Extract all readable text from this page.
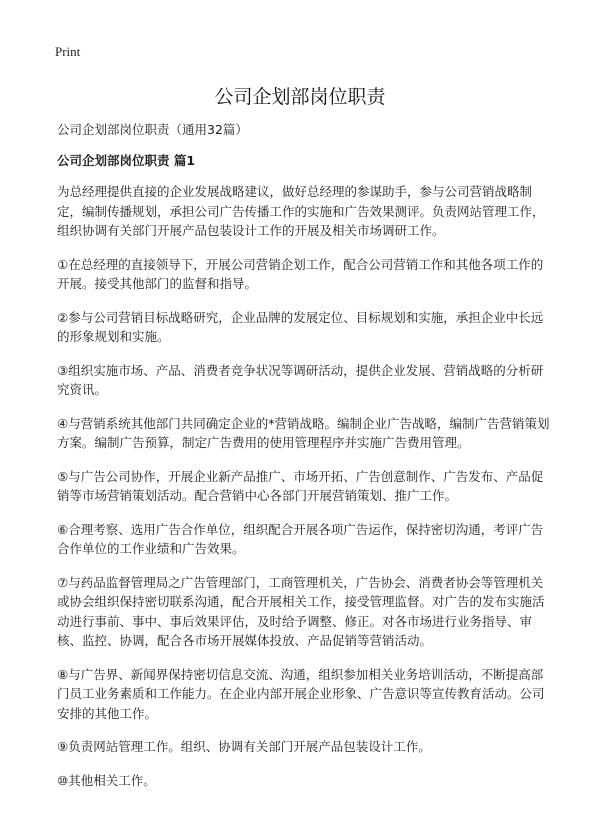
Print
公司企划部岗位职责
公司企划部岗位职责（通用32篇）
公司企划部岗位职责 篇1

为总经理提供直接的企业发展战略建议，做好总经理的参谋助手，参与公司营销战略制定，编制传播规划，承担公司广告传播工作的实施和广告效果测评。负责网站管理工作，组织协调有关部门开展产品包装设计工作的开展及相关市场调研工作。

①在总经理的直接领导下，开展公司营销企划工作，配合公司营销工作和其他各项工作的开展。接受其他部门的监督和指导。

②参与公司营销目标战略研究，企业品牌的发展定位、目标规划和实施，承担企业中长远的形象规划和实施。

③组织实施市场、产品、消费者竞争状况等调研活动，提供企业发展、营销战略的分析研究资讯。

④与营销系统其他部门共同确定企业的*营销战略。编制企业广告战略，编制广告营销策划方案。编制广告预算，制定广告费用的使用管理程序并实施广告费用管理。

⑤与广告公司协作，开展企业新产品推广、市场开拓、广告创意制作、广告发布、产品促销等市场营销策划活动。配合营销中心各部门开展营销策划、推广工作。

⑥合理考察、选用广告合作单位，组织配合开展各项广告运作，保持密切沟通，考评广告合作单位的工作业绩和广告效果。

⑦与药品监督管理局之广告管理部门，工商管理机关，广告协会、消费者协会等管理机关或协会组织保持密切联系沟通，配合开展相关工作，接受管理监督。对广告的发布实施活动进行事前、事中、事后效果评估，及时给予调整、修正。对各市场进行业务指导、审核、监控、协调，配合各市场开展媒体投放、产品促销等营销活动。

⑧与广告界、新闻界保持密切信息交流、沟通，组织参加相关业务培训活动，不断提高部门员工业务素质和工作能力。在企业内部开展企业形象、广告意识等宣传教育活动。公司安排的其他工作。

⑨负责网站管理工作。组织、协调有关部门开展产品包装设计工作。

⑩其他相关工作。
